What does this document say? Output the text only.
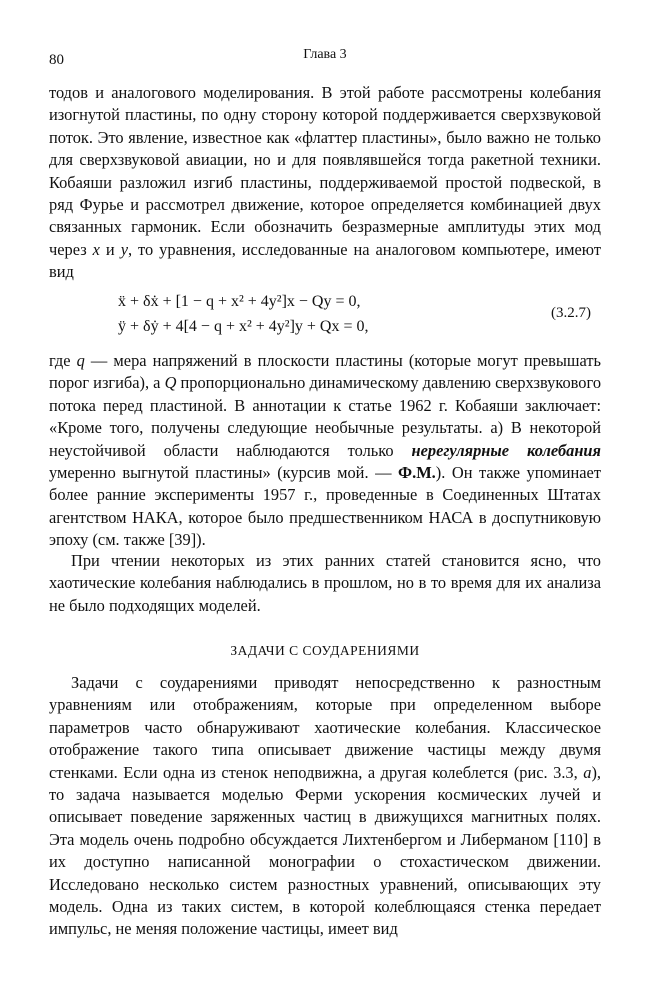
80	Глава 3

тодов и аналогового моделирования. В этой работе рассмотрены колебания изогнутой пластины, по одну сторону которой поддерживается сверхзвуковой поток. Это явление, известное как «флаттер пластины», было важно не только для сверхзвуковой авиации, но и для появлявшейся тогда ракетной техники. Кобаяши разложил изгиб пластины, поддерживаемой простой подвеской, в ряд Фурье и рассмотрел движение, которое определяется комбинацией двух связанных гармоник. Если обозначить безразмерные амплитуды этих мод через x и y, то уравнения, исследованные на аналоговом компьютере, имеют вид

ẍ + δẋ + [1 − q + x² + 4y²]x − Qy = 0,
ÿ + δẏ + 4[4 − q + x² + 4y²]y + Qx = 0,
(3.2.7)

где q — мера напряжений в плоскости пластины (которые могут превышать порог изгиба), а Q пропорционально динамическому давлению сверхзвукового потока перед пластиной. В аннотации к статье 1962 г. Кобаяши заключает: «Кроме того, получены следующие необычные результаты. а) В некоторой неустойчивой области наблюдаются только нерегулярные колебания умеренно выгнутой пластины» (курсив мой. — Ф.М.). Он также упоминает более ранние эксперименты 1957 г., проведенные в Соединенных Штатах агентством НАКА, которое было предшественником НАСА в доспутниковую эпоху (см. также [39]).

При чтении некоторых из этих ранних статей становится ясно, что хаотические колебания наблюдались в прошлом, но в то время для их анализа не было подходящих моделей.

ЗАДАЧИ С СОУДАРЕНИЯМИ

Задачи с соударениями приводят непосредственно к разностным уравнениям или отображениям, которые при определенном выборе параметров часто обнаруживают хаотические колебания. Классическое отображение такого типа описывает движение частицы между двумя стенками. Если одна из стенок неподвижна, а другая колеблется (рис. 3.3, а), то задача называется моделью Ферми ускорения космических лучей и описывает поведение заряженных частиц в движущихся магнитных полях. Эта модель очень подробно обсуждается Лихтенбергом и Либерманом [110] в их доступно написанной монографии о стохастическом движении. Исследовано несколько систем разностных уравнений, описывающих эту модель. Одна из таких систем, в которой колеблющаяся стенка передает импульс, не меняя положение частицы, имеет вид
